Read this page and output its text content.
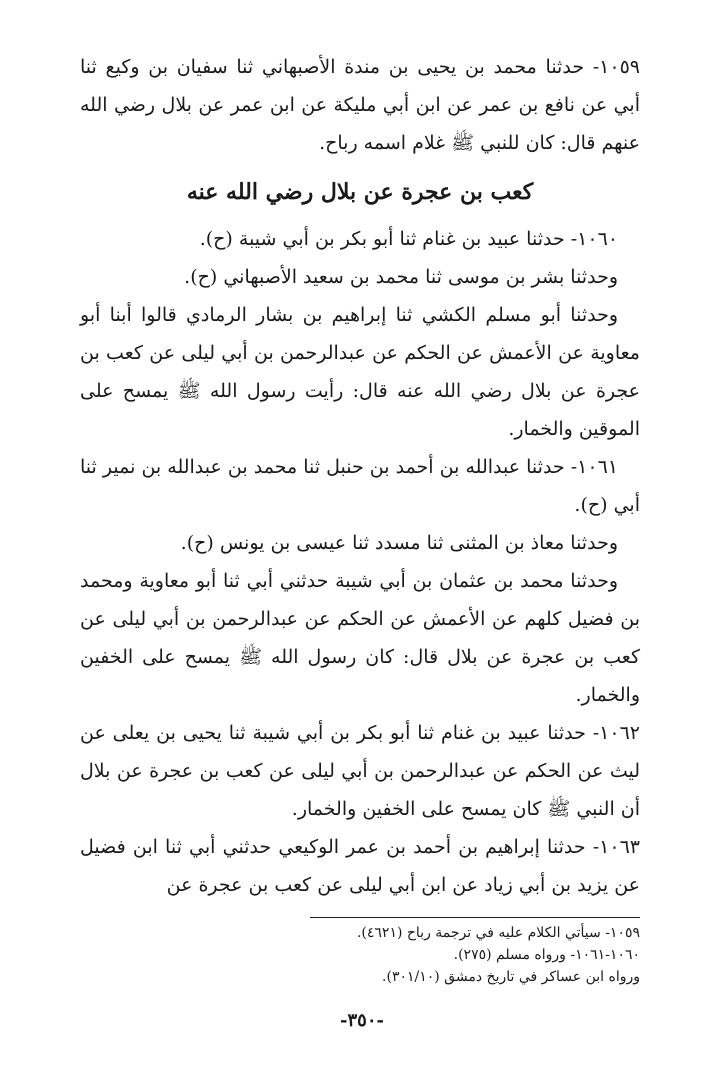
١٠٥٩- حدثنا محمد بن يحيى بن مندة الأصبهاني ثنا سفيان بن وكيع ثنا أبي عن نافع بن عمر عن ابن أبي مليكة عن ابن عمر عن بلال رضي الله عنهم قال: كان للنبي ﷺ غلام اسمه رباح.

كعب بن عجرة عن بلال رضي الله عنه

١٠٦٠- حدثنا عبيد بن غنام ثنا أبو بكر بن أبي شيبة (ح).

وحدثنا بشر بن موسى ثنا محمد بن سعيد الأصبهاني (ح).

وحدثنا أبو مسلم الكشي ثنا إبراهيم بن بشار الرمادي قالوا أبنا أبو معاوية عن الأعمش عن الحكم عن عبدالرحمن بن أبي ليلى عن كعب بن عجرة عن بلال رضي الله عنه قال: رأيت رسول الله ﷺ يمسح على الموقين والخمار.

١٠٦١- حدثنا عبدالله بن أحمد بن حنبل ثنا محمد بن عبدالله بن نمير ثنا أبي (ح).

وحدثنا معاذ بن المثنى ثنا مسدد ثنا عيسى بن يونس (ح).

وحدثنا محمد بن عثمان بن أبي شيبة حدثني أبي ثنا أبو معاوية ومحمد بن فضيل كلهم عن الأعمش عن الحكم عن عبدالرحمن بن أبي ليلى عن كعب بن عجرة عن بلال قال: كان رسول الله ﷺ يمسح على الخفين والخمار.

١٠٦٢- حدثنا عبيد بن غنام ثنا أبو بكر بن أبي شيبة ثنا يحيى بن يعلى عن ليث عن الحكم عن عبدالرحمن بن أبي ليلى عن كعب بن عجرة عن بلال أن النبي ﷺ كان يمسح على الخفين والخمار.

١٠٦٣- حدثنا إبراهيم بن أحمد بن عمر الوكيعي حدثني أبي ثنا ابن فضيل عن يزيد بن أبي زياد عن ابن أبي ليلى عن كعب بن عجرة عن

١٠٥٩- سيأتي الكلام عليه في ترجمة رباح (٤٦٢١).

١٠٦٠-١٠٦١- ورواه مسلم (٢٧٥).

ورواه ابن عساكر في تاريخ دمشق (٣٠١/١٠).

-٣٥٠-
